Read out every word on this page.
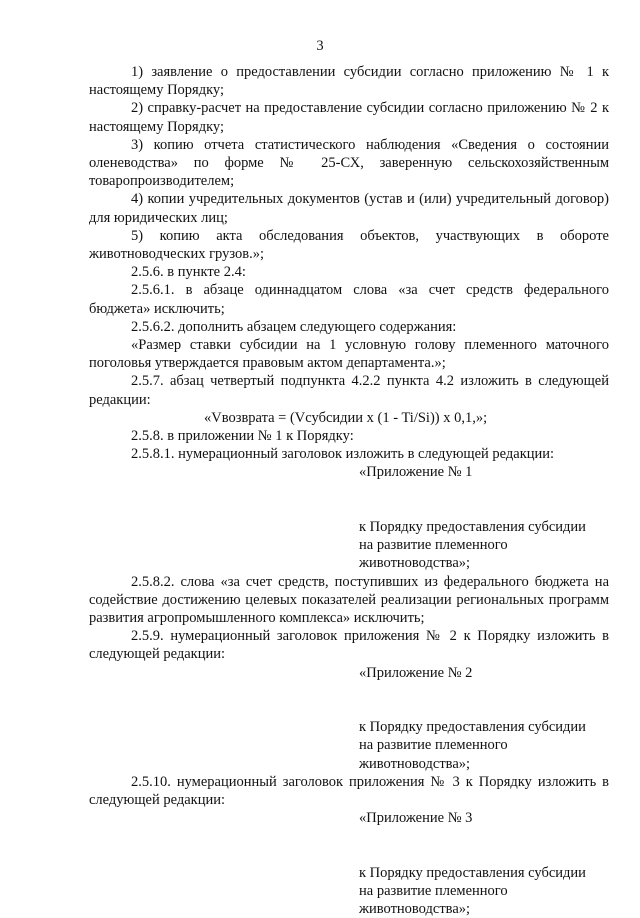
3

1) заявление о предоставлении субсидии согласно приложению № 1 к настоящему Порядку;

2) справку-расчет на предоставление субсидии согласно приложению № 2 к настоящему Порядку;

3) копию отчета статистического наблюдения «Сведения о состоянии оленеводства» по форме № 25-СХ, заверенную сельскохозяйственным товаропроизводителем;

4) копии учредительных документов (устав и (или) учредительный договор) для юридических лиц;

5) копию акта обследования объектов, участвующих в обороте животноводческих грузов.»;

2.5.6. в пункте 2.4:

2.5.6.1. в абзаце одиннадцатом слова «за счет средств федерального бюджета» исключить;

2.5.6.2. дополнить абзацем следующего содержания:

«Размер ставки субсидии на 1 условную голову племенного маточного поголовья утверждается правовым актом департамента.»;

2.5.7. абзац четвертый подпункта 4.2.2 пункта 4.2 изложить в следующей редакции:

«Vвозврата = (Vсубсидии x (1 - Ti/Si)) x 0,1,»;

2.5.8. в приложении № 1 к Порядку:

2.5.8.1. нумерационный заголовок изложить в следующей редакции:

«Приложение № 1
к Порядку предоставления субсидии
на развитие племенного
животноводства»;

2.5.8.2. слова «за счет средств, поступивших из федерального бюджета на содействие достижению целевых показателей реализации региональных программ развития агропромышленного комплекса» исключить;

2.5.9. нумерационный заголовок приложения № 2 к Порядку изложить в следующей редакции:

«Приложение № 2
к Порядку предоставления субсидии
на развитие племенного
животноводства»;

2.5.10. нумерационный заголовок приложения № 3 к Порядку изложить в следующей редакции:

«Приложение № 3
к Порядку предоставления субсидии
на развитие племенного
животноводства»;
